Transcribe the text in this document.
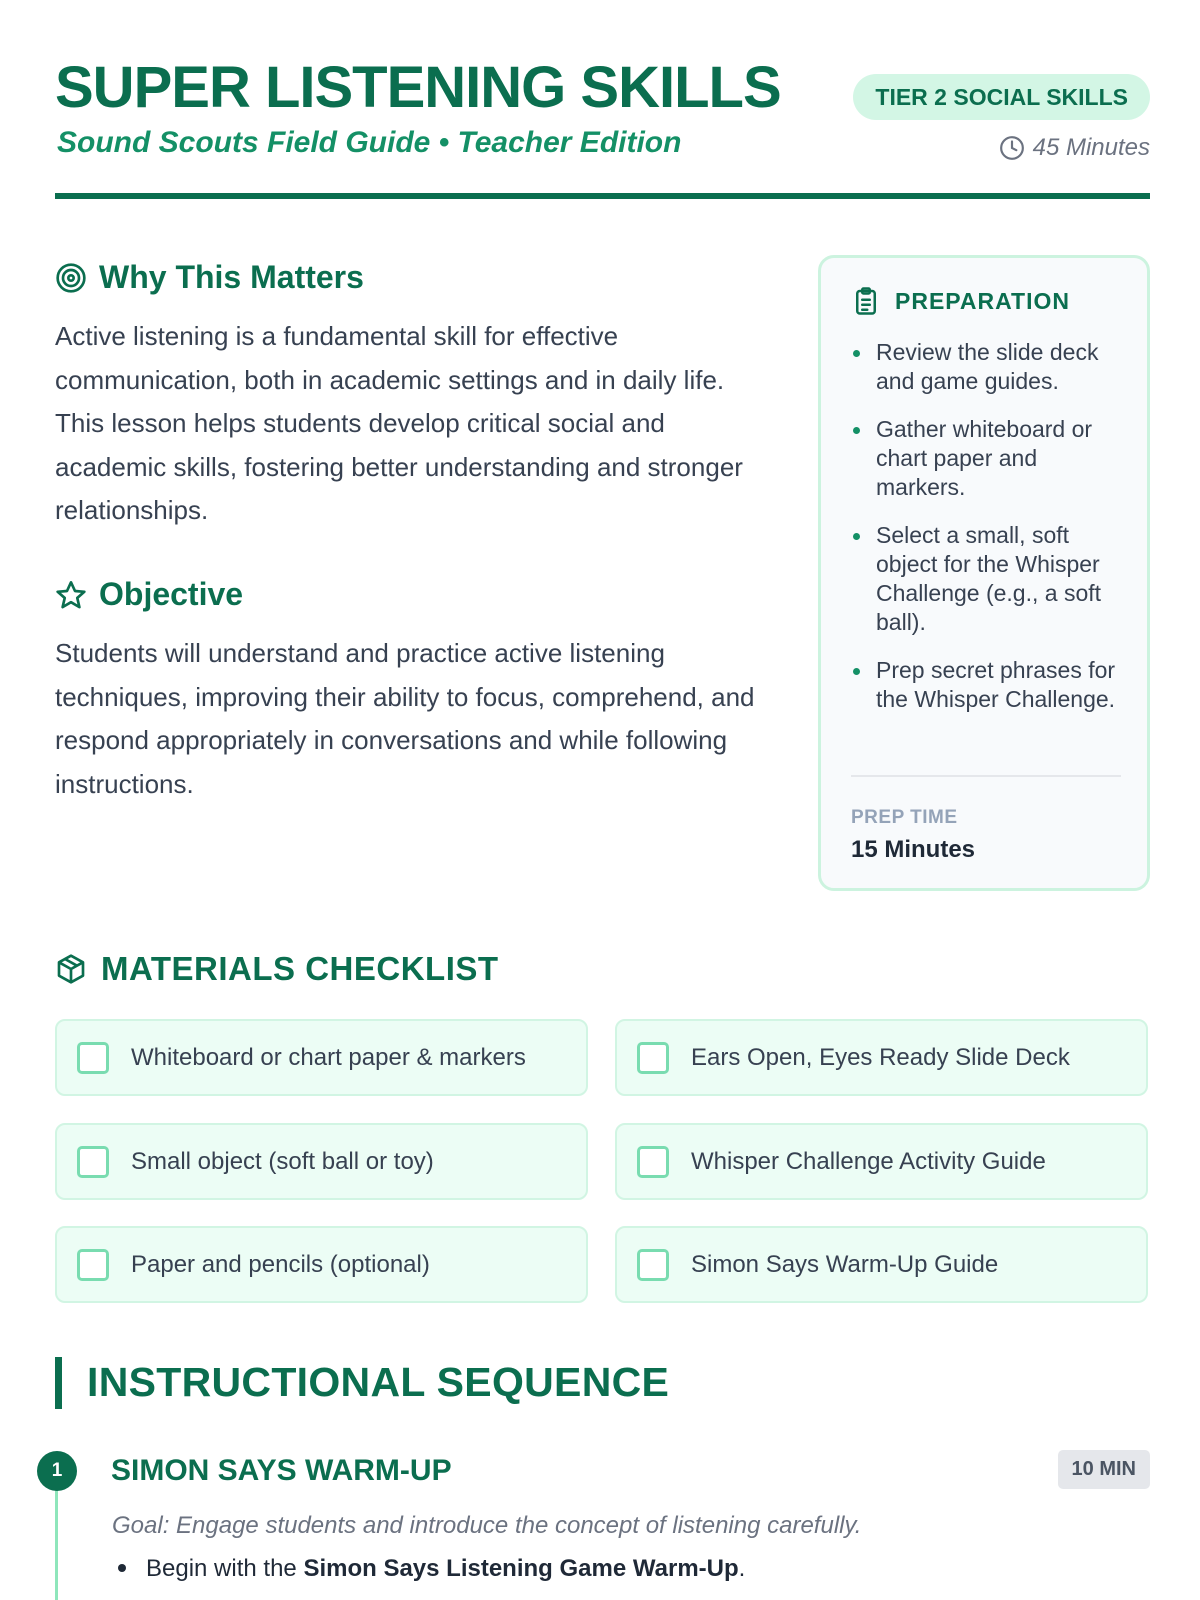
SUPER LISTENING SKILLS
Sound Scouts Field Guide • Teacher Edition
TIER 2 SOCIAL SKILLS
45 Minutes
Why This Matters
Active listening is a fundamental skill for effective communication, both in academic settings and in daily life. This lesson helps students develop critical social and academic skills, fostering better understanding and stronger relationships.
Objective
Students will understand and practice active listening techniques, improving their ability to focus, comprehend, and respond appropriately in conversations and while following instructions.
PREPARATION
Review the slide deck and game guides.
Gather whiteboard or chart paper and markers.
Select a small, soft object for the Whisper Challenge (e.g., a soft ball).
Prep secret phrases for the Whisper Challenge.
PREP TIME
15 Minutes
MATERIALS CHECKLIST
Whiteboard or chart paper & markers	Ears Open, Eyes Ready Slide Deck
Small object (soft ball or toy)	Whisper Challenge Activity Guide
Paper and pencils (optional)	Simon Says Warm-Up Guide
INSTRUCTIONAL SEQUENCE
1	SIMON SAYS WARM-UP	10 MIN
Goal: Engage students and introduce the concept of listening carefully.
Begin with the Simon Says Listening Game Warm-Up.
